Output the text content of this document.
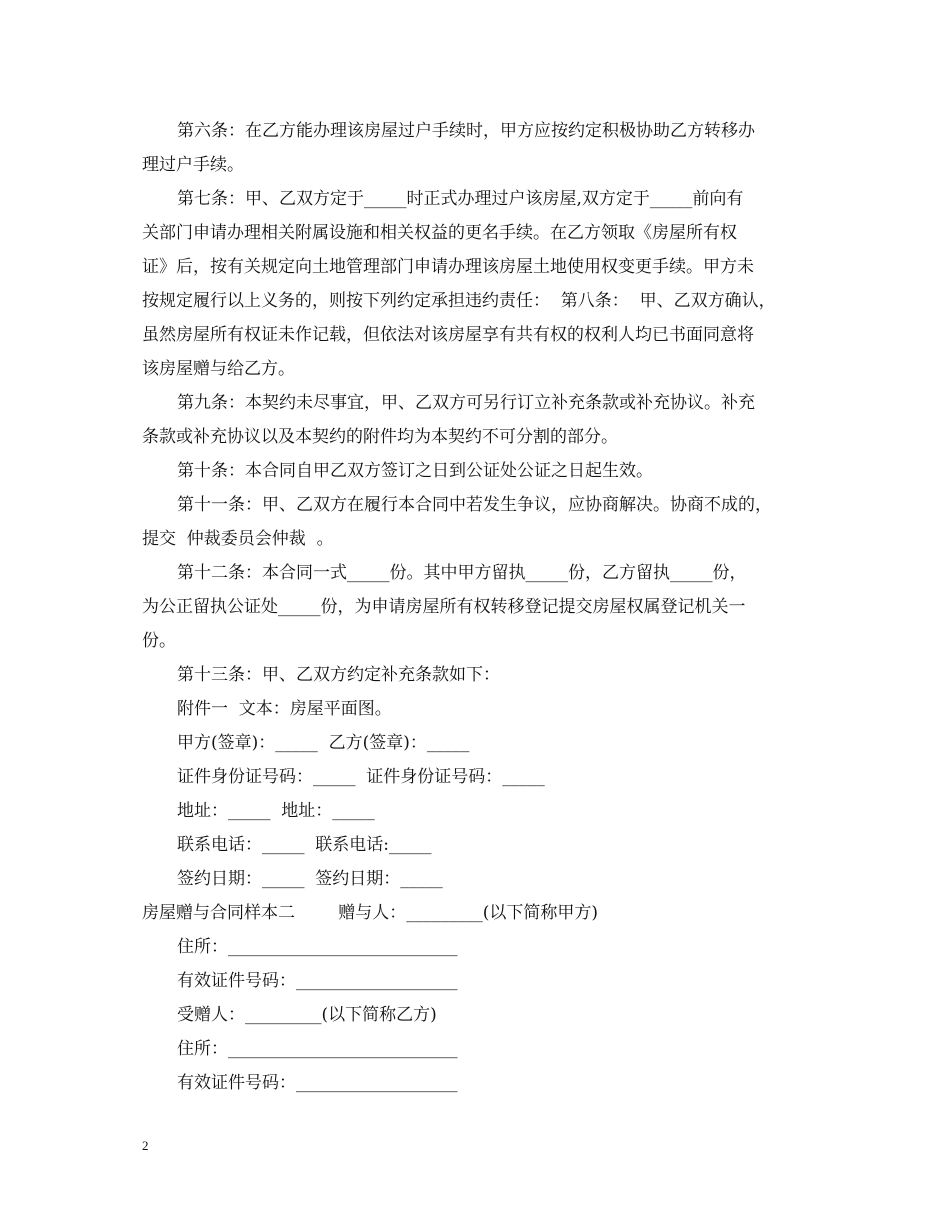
第六条：在乙方能办理该房屋过户手续时，甲方应按约定积极协助乙方转移办
理过户手续。
第七条：甲、乙双方定于_____时正式办理过户该房屋,双方定于_____前向有
关部门申请办理相关附属设施和相关权益的更名手续。在乙方领取《房屋所有权
证》后，按有关规定向土地管理部门申请办理该房屋土地使用权变更手续。甲方未
按规定履行以上义务的，则按下列约定承担违约责任：  第八条：  甲、乙双方确认，
虽然房屋所有权证未作记载，但依法对该房屋享有共有权的权利人均已书面同意将
该房屋赠与给乙方。
第九条：本契约未尽事宜，甲、乙双方可另行订立补充条款或补充协议。补充
条款或补充协议以及本契约的附件均为本契约不可分割的部分。
第十条：本合同自甲乙双方签订之日到公证处公证之日起生效。
第十一条：甲、乙双方在履行本合同中若发生争议，应协商解决。协商不成的，
提交  仲裁委员会仲裁  。
第十二条：本合同一式_____份。其中甲方留执_____份，乙方留执_____份，
为公正留执公证处_____份，为申请房屋所有权转移登记提交房屋权属登记机关一
份。
第十三条：甲、乙双方约定补充条款如下：
附件一  文本：房屋平面图。
甲方(签章)：_____  乙方(签章)：_____
证件身份证号码：_____  证件身份证号码：_____
地址：_____  地址：_____
联系电话：_____  联系电话:_____
签约日期：_____  签约日期：_____
房屋赠与合同样本二        赠与人：_________(以下简称甲方)
住所：___________________________
有效证件号码：___________________
受赠人：_________(以下简称乙方)
住所：___________________________
有效证件号码：___________________
2
